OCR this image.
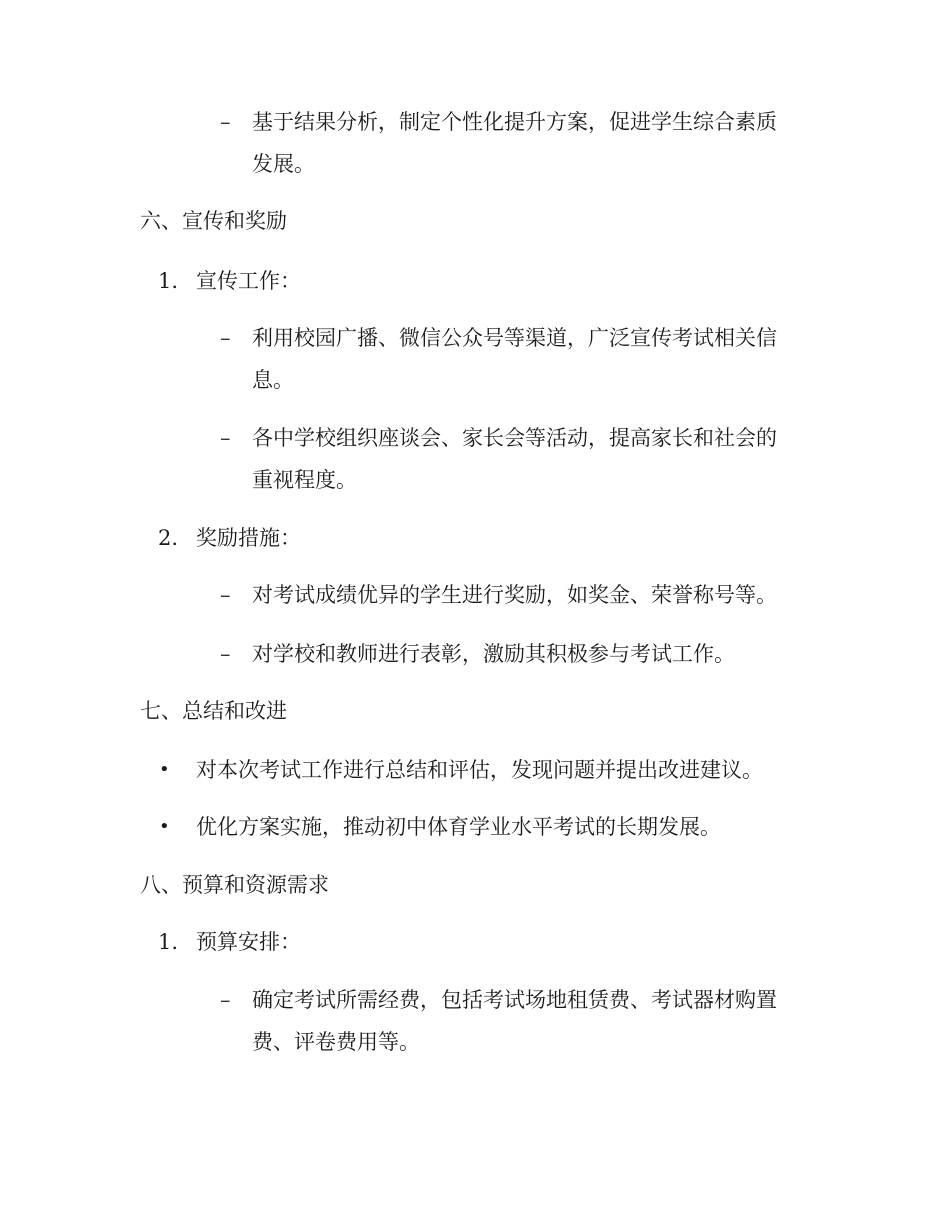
– 基于结果分析，制定个性化提升方案，促进学生综合素质
发展。
六、宣传和奖励
1. 宣传工作：
– 利用校园广播、微信公众号等渠道，广泛宣传考试相关信
息。
– 各中学校组织座谈会、家长会等活动，提高家长和社会的
重视程度。
2. 奖励措施：
– 对考试成绩优异的学生进行奖励，如奖金、荣誉称号等。
– 对学校和教师进行表彰，激励其积极参与考试工作。
七、总结和改进
• 对本次考试工作进行总结和评估，发现问题并提出改进建议。
• 优化方案实施，推动初中体育学业水平考试的长期发展。
八、预算和资源需求
1. 预算安排：
– 确定考试所需经费，包括考试场地租赁费、考试器材购置
费、评卷费用等。
